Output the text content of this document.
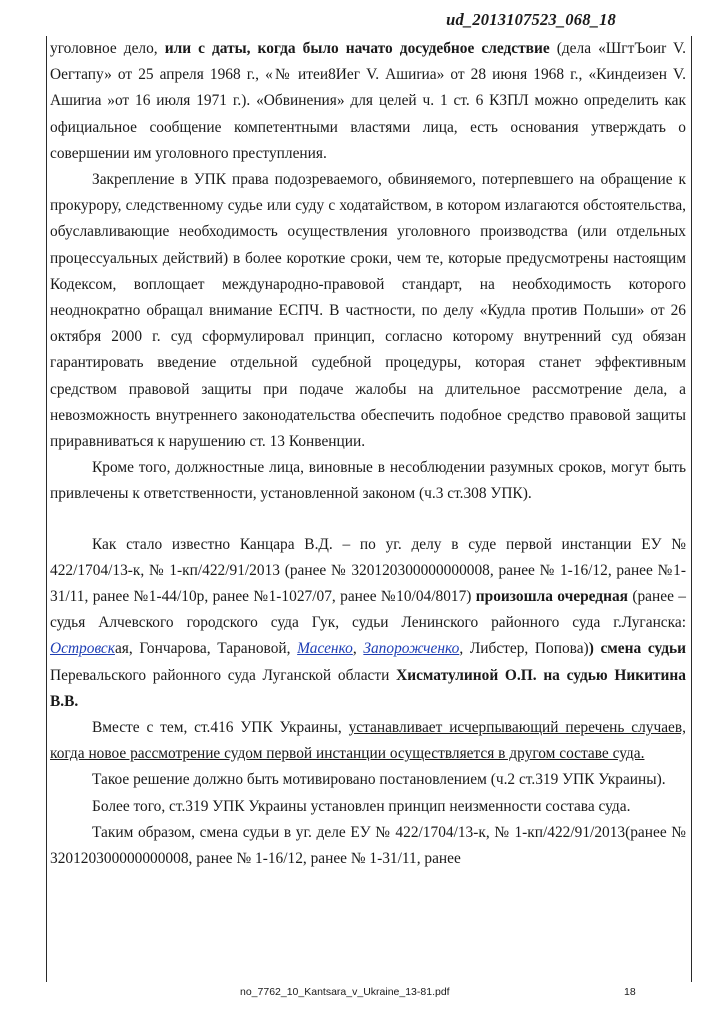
ud_2013107523_068_18

уголовное дело, или с даты, когда было начато досудебное следствие (дела «ШгтЪоиr V. Оегтапу» от 25 апреля 1968 г., «№ итеи8Иег V. Ашиrиа» от 28 июня 1968 г., «Киндеизен V. Ашиrиа »от 16 июля 1971 г.). «Обвинения» для целей ч. 1 ст. 6 КЗПЛ можно определить как официальное сообщение компетентными властями лица, есть основания утверждать о совершении им уголовного преступления.

Закрепление в УПК права подозреваемого, обвиняемого, потерпевшего на обращение к прокурору, следственному судье или суду с ходатайством, в котором излагаются обстоятельства, обуславливающие необходимость осуществления уголовного производства (или отдельных процессуальных действий) в более короткие сроки, чем те, которые предусмотрены настоящим Кодексом, воплощает международно-правовой стандарт, на необходимость которого неоднократно обращал внимание ЕСПЧ. В частности, по делу «Кудла против Польши» от 26 октября 2000 г. суд сформулировал принцип, согласно которому внутренний суд обязан гарантировать введение отдельной судебной процедуры, которая станет эффективным средством правовой защиты при подаче жалобы на длительное рассмотрение дела, а невозможность внутреннего законодательства обеспечить подобное средство правовой защиты приравниваться к нарушению ст. 13 Конвенции.

Кроме того, должностные лица, виновные в несоблюдении разумных сроков, могут быть привлечены к ответственности, установленной законом (ч.3 ст.308 УПК).

Как стало известно Канцара В.Д. – по уг. делу в суде первой инстанции ЕУ № 422/1704/13-к, № 1-кп/422/91/2013 (ранее № 320120300000000008, ранее № 1-16/12, ранее №1-31/11, ранее №1-44/10р, ранее №1-1027/07, ранее №10/04/8017) произошла очередная (ранее – судья Алчевского городского суда Гук, судьи Ленинского районного суда г.Луганска: Островская, Гончарова, Тарановой, Масенко, Запорожченко, Либстер, Попова)) смена судьи Перевальского районного суда Луганской области Хисматулиной О.П. на судью Никитина В.В.

Вместе с тем, ст.416 УПК Украины, устанавливает исчерпывающий перечень случаев, когда новое рассмотрение судом первой инстанции осуществляется в другом составе суда.

Такое решение должно быть мотивировано постановлением (ч.2 ст.319 УПК Украины).

Более того, ст.319 УПК Украины установлен принцип неизменности состава суда.

Таким образом, смена судьи в уг. деле ЕУ № 422/1704/13-к, № 1-кп/422/91/2013(ранее № 320120300000000008, ранее № 1-16/12, ранее № 1-31/11, ранее

no_7762_10_Kantsara_v_Ukraine_13-81.pdf	18
